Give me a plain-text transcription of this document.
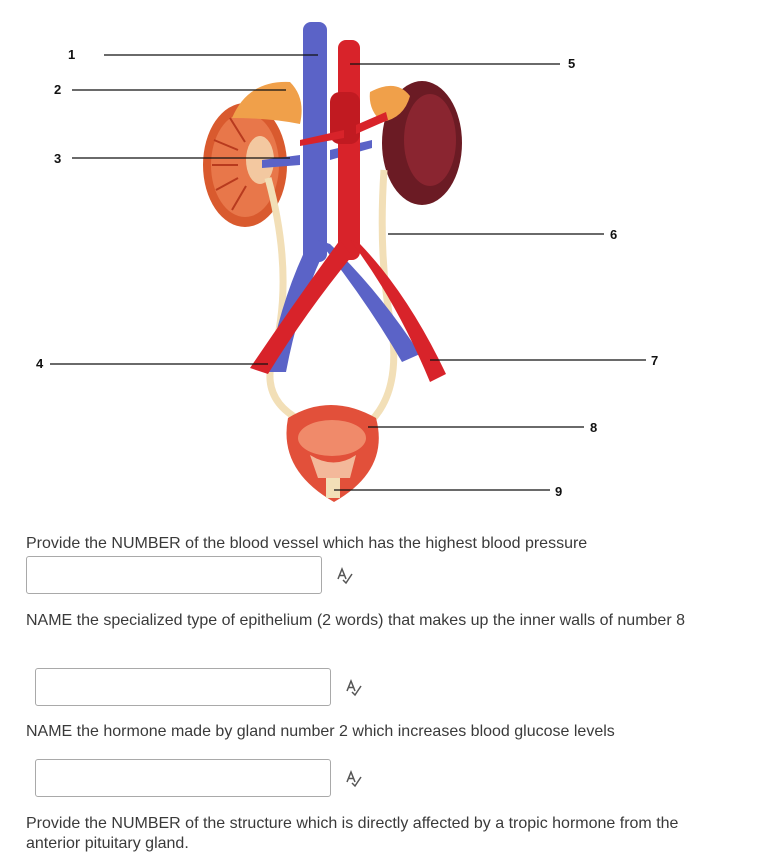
1
2
3
4
5
6
7
8
9

Provide the NUMBER of the blood vessel which has the highest blood pressure

NAME the specialized type of epithelium (2 words) that makes up the inner walls of number 8

NAME the hormone made by gland number 2 which increases blood glucose levels

Provide the NUMBER of the structure which is directly affected by a tropic hormone from the anterior pituitary gland.
